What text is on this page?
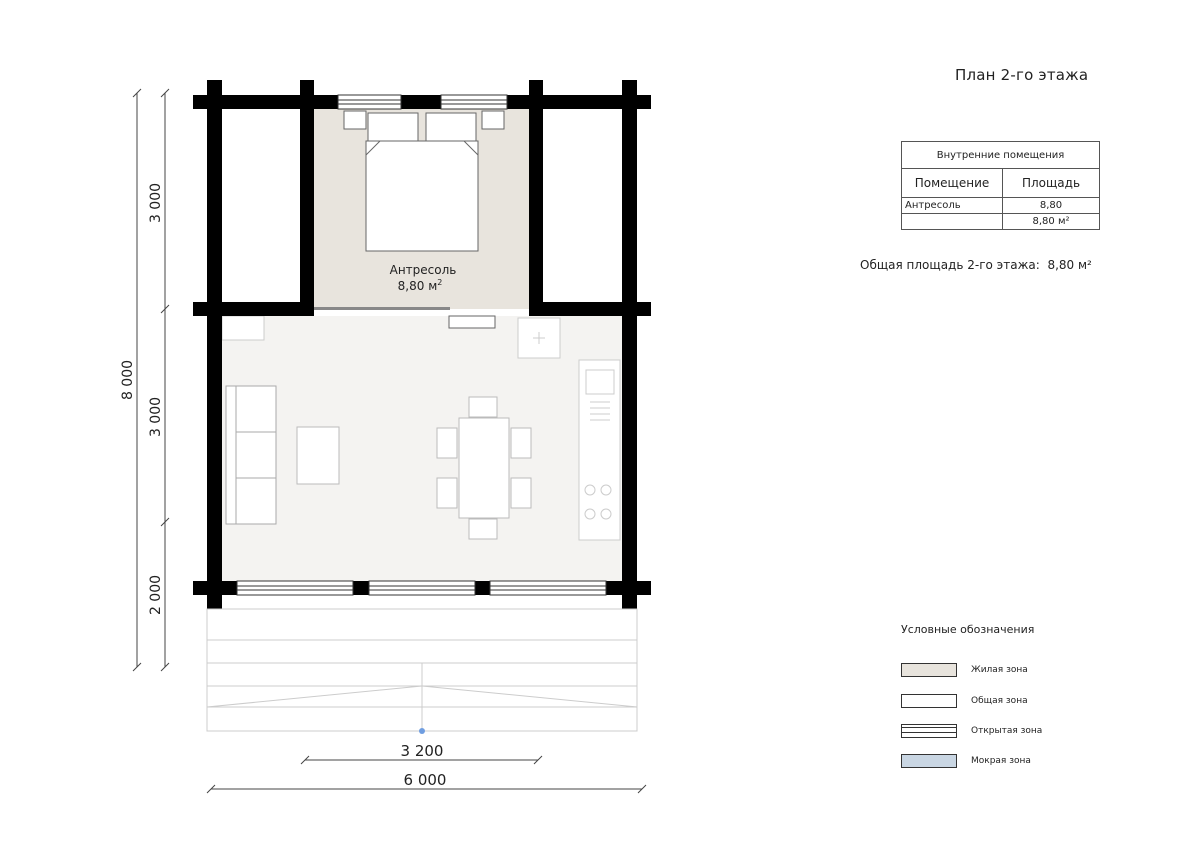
Антресоль
8,80 $м^2$
8 000
3 000
3 000
2 000
3 200
6 000
План 2-го этажа
Внутренние помещения	
Помещение	Площадь
Антресоль	8,80
	8,80 м²
Общая площадь 2-го этажа: 8,80 м²
Условные обозначения
Жилая зона
Общая зона
Открытая зона
Мокрая зона
